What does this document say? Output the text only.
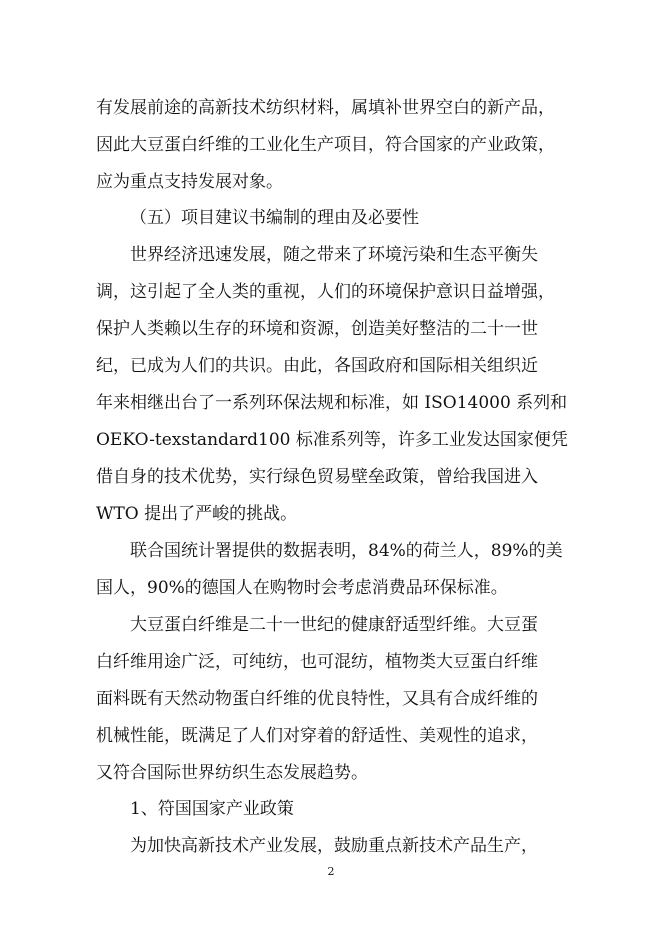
有发展前途的高新技术纺织材料，属填补世界空白的新产品，
因此大豆蛋白纤维的工业化生产项目，符合国家的产业政策，
应为重点支持发展对象。
（五）项目建议书编制的理由及必要性
世界经济迅速发展，随之带来了环境污染和生态平衡失
调，这引起了全人类的重视，人们的环境保护意识日益增强，
保护人类赖以生存的环境和资源，创造美好整洁的二十一世
纪，已成为人们的共识。由此，各国政府和国际相关组织近
年来相继出台了一系列环保法规和标准，如 ISO14000 系列和
OEKO-texstandard100 标准系列等，许多工业发达国家便凭
借自身的技术优势，实行绿色贸易壁垒政策，曾给我国进入
WTO 提出了严峻的挑战。
联合国统计署提供的数据表明，84%的荷兰人，89%的美
国人，90%的德国人在购物时会考虑消费品环保标准。
大豆蛋白纤维是二十一世纪的健康舒适型纤维。大豆蛋
白纤维用途广泛，可纯纺，也可混纺，植物类大豆蛋白纤维
面料既有天然动物蛋白纤维的优良特性，又具有合成纤维的
机械性能，既满足了人们对穿着的舒适性、美观性的追求，
又符合国际世界纺织生态发展趋势。
1、符国国家产业政策
为加快高新技术产业发展，鼓励重点新技术产品生产，
2
